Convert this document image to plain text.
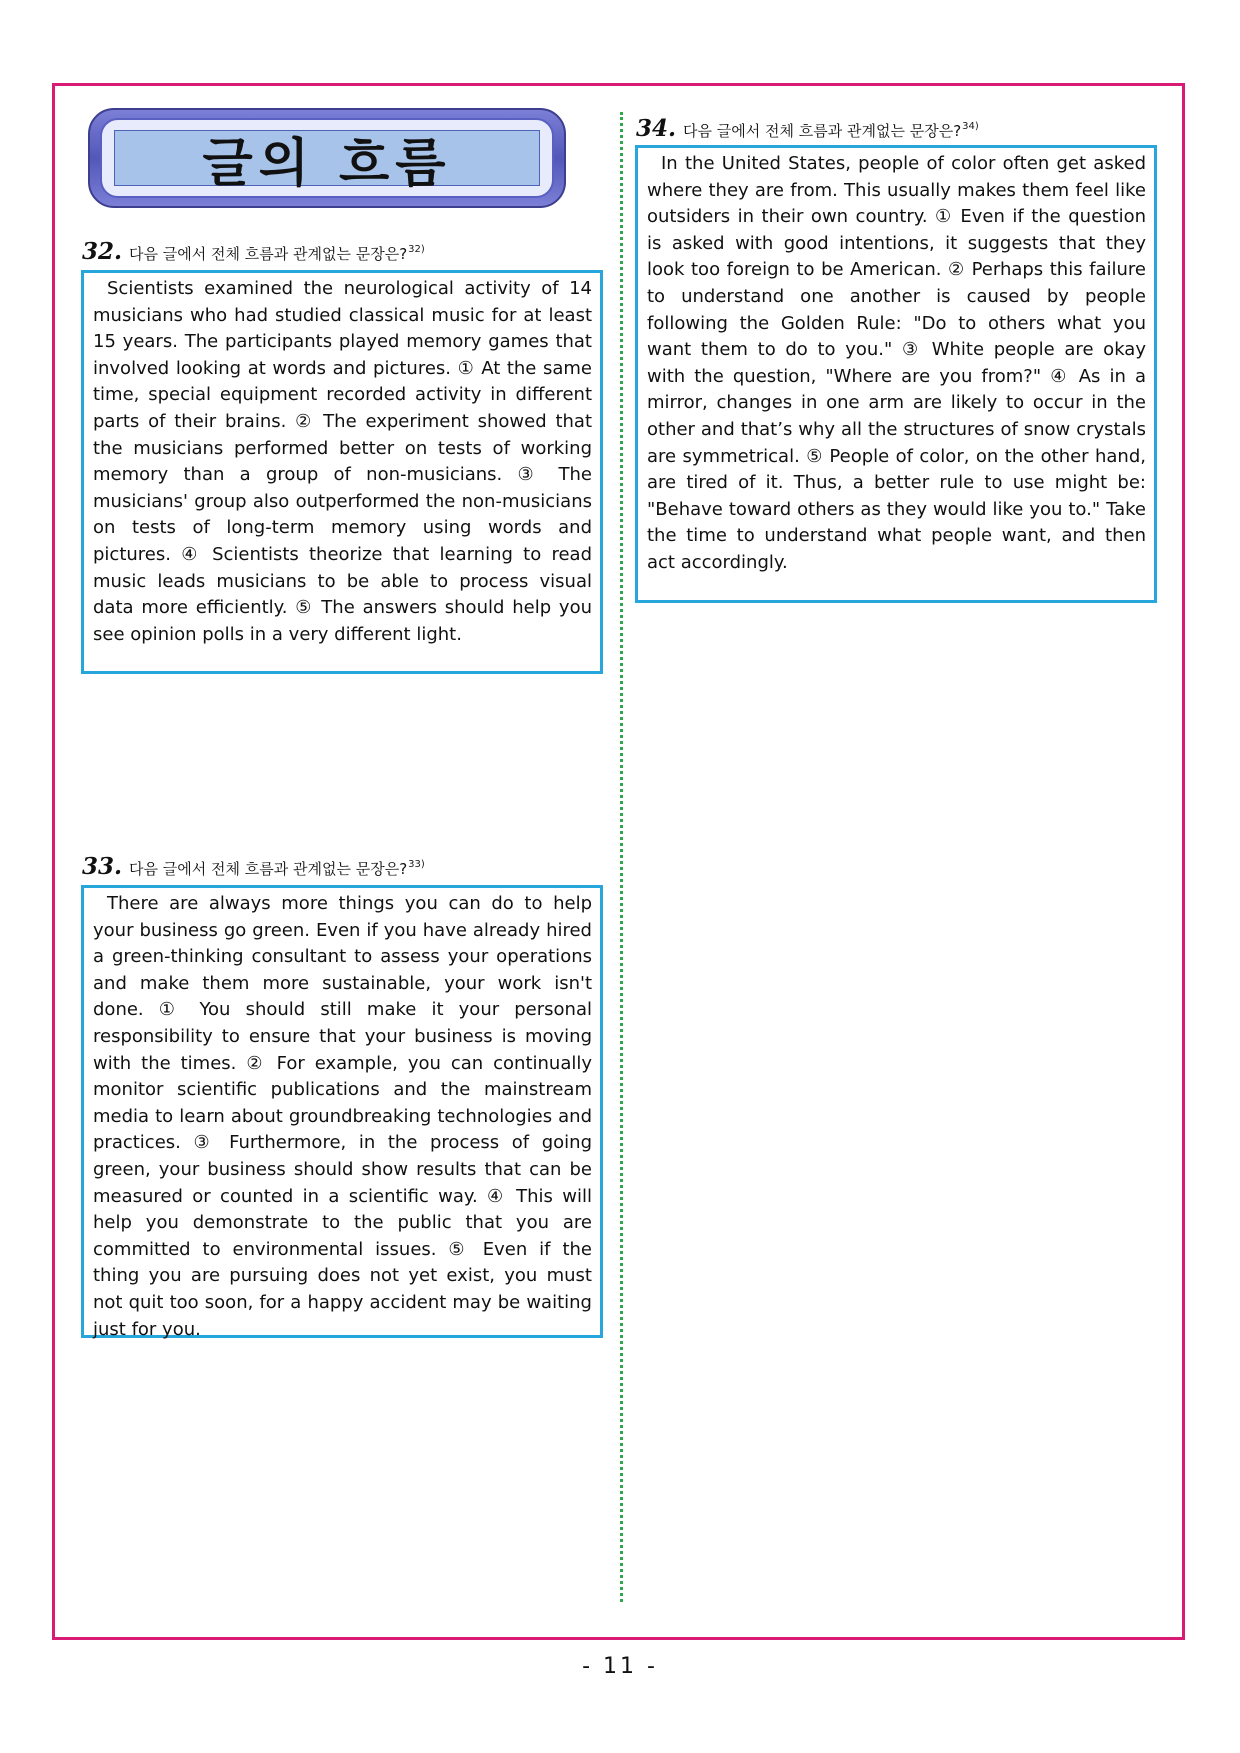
글의 흐름
32. 다음 글에서 전체 흐름과 관계없는 문장은? 32)

Scientists examined the neurological activity of 14 musicians who had studied classical music for at least 15 years. The participants played memory games that involved looking at words and pictures. ① At the same time, special equipment recorded activity in different parts of their brains. ② The experiment showed that the musicians performed better on tests of working memory than a group of non-musicians. ③ The musicians' group also outperformed the non-musicians on tests of long-term memory using words and pictures. ④ Scientists theorize that learning to read music leads musicians to be able to process visual data more efficiently. ⑤ The answers should help you see opinion polls in a very different light.

33. 다음 글에서 전체 흐름과 관계없는 문장은? 33)

There are always more things you can do to help your business go green. Even if you have already hired a green-thinking consultant to assess your operations and make them more sustainable, your work isn't done. ① You should still make it your personal responsibility to ensure that your business is moving with the times. ② For example, you can continually monitor scientific publications and the mainstream media to learn about groundbreaking technologies and practices. ③ Furthermore, in the process of going green, your business should show results that can be measured or counted in a scientific way. ④ This will help you demonstrate to the public that you are committed to environmental issues. ⑤ Even if the thing you are pursuing does not yet exist, you must not quit too soon, for a happy accident may be waiting just for you.

34. 다음 글에서 전체 흐름과 관계없는 문장은? 34)

In the United States, people of color often get asked where they are from. This usually makes them feel like outsiders in their own country. ① Even if the question is asked with good intentions, it suggests that they look too foreign to be American. ② Perhaps this failure to understand one another is caused by people following the Golden Rule: "Do to others what you want them to do to you." ③ White people are okay with the question, "Where are you from?" ④ As in a mirror, changes in one arm are likely to occur in the other and that’s why all the structures of snow crystals are symmetrical. ⑤ People of color, on the other hand, are tired of it. Thus, a better rule to use might be: "Behave toward others as they would like you to." Take the time to understand what people want, and then act accordingly.

- 11 -
